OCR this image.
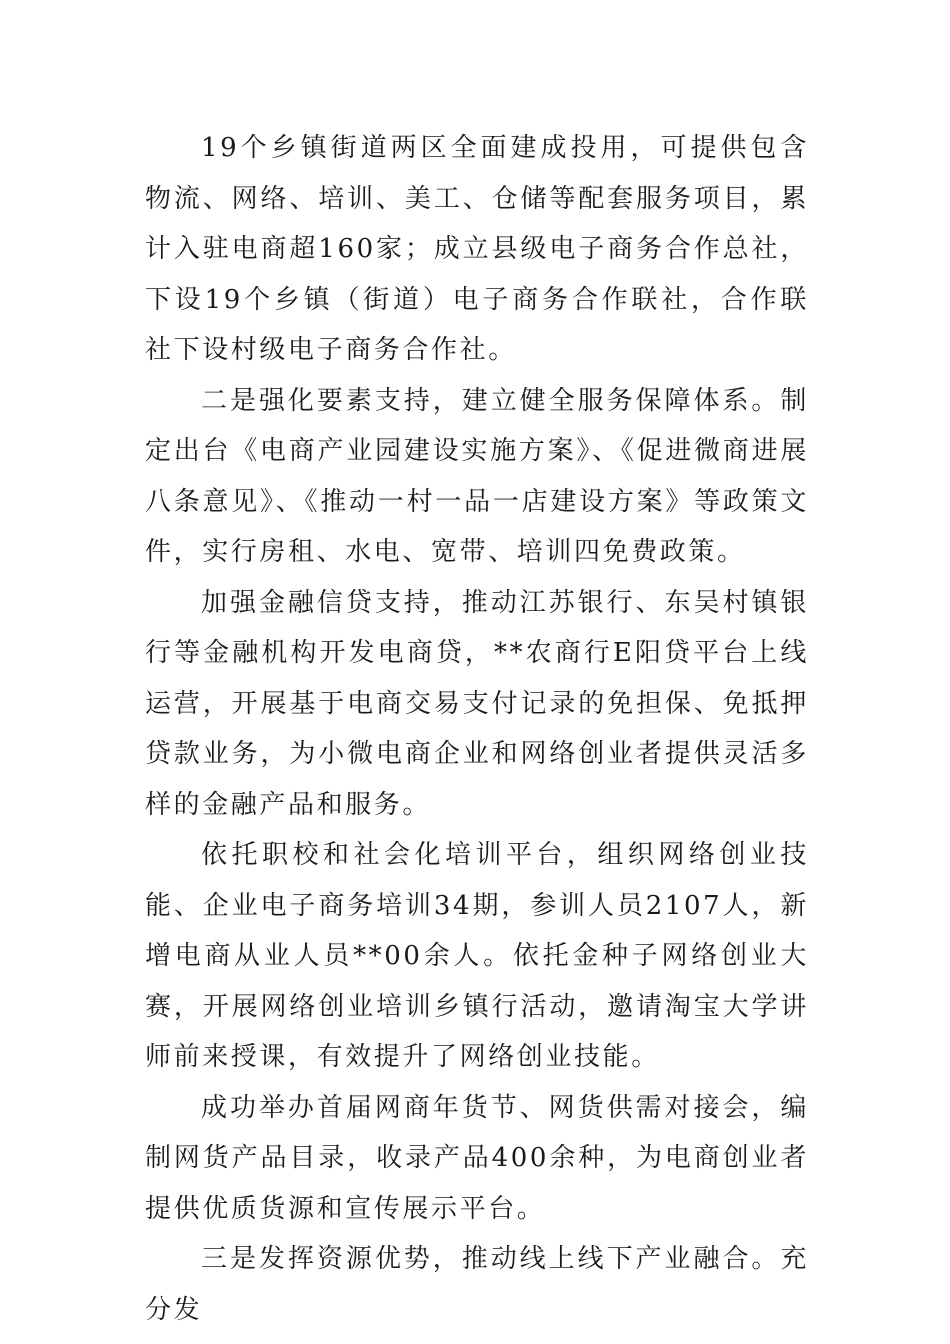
19个乡镇街道两区全面建成投用，可提供包含物流、网络、培训、美工、仓储等配套服务项目，累计入驻电商超160家；成立县级电子商务合作总社，下设19个乡镇（街道）电子商务合作联社，合作联社下设村级电子商务合作社。

二是强化要素支持，建立健全服务保障体系。制定出台《电商产业园建设实施方案》、《促进微商进展八条意见》、《推动一村一品一店建设方案》等政策文件，实行房租、水电、宽带、培训四免费政策。

加强金融信贷支持，推动江苏银行、东吴村镇银行等金融机构开发电商贷，**农商行E阳贷平台上线运营，开展基于电商交易支付记录的免担保、免抵押贷款业务，为小微电商企业和网络创业者提供灵活多样的金融产品和服务。

依托职校和社会化培训平台，组织网络创业技能、企业电子商务培训34期，参训人员2107人，新增电商从业人员**00余人。依托金种子网络创业大赛，开展网络创业培训乡镇行活动，邀请淘宝大学讲师前来授课，有效提升了网络创业技能。

成功举办首届网商年货节、网货供需对接会，编制网货产品目录，收录产品400余种，为电商创业者提供优质货源和宣传展示平台。

三是发挥资源优势，推动线上线下产业融合。充分发
